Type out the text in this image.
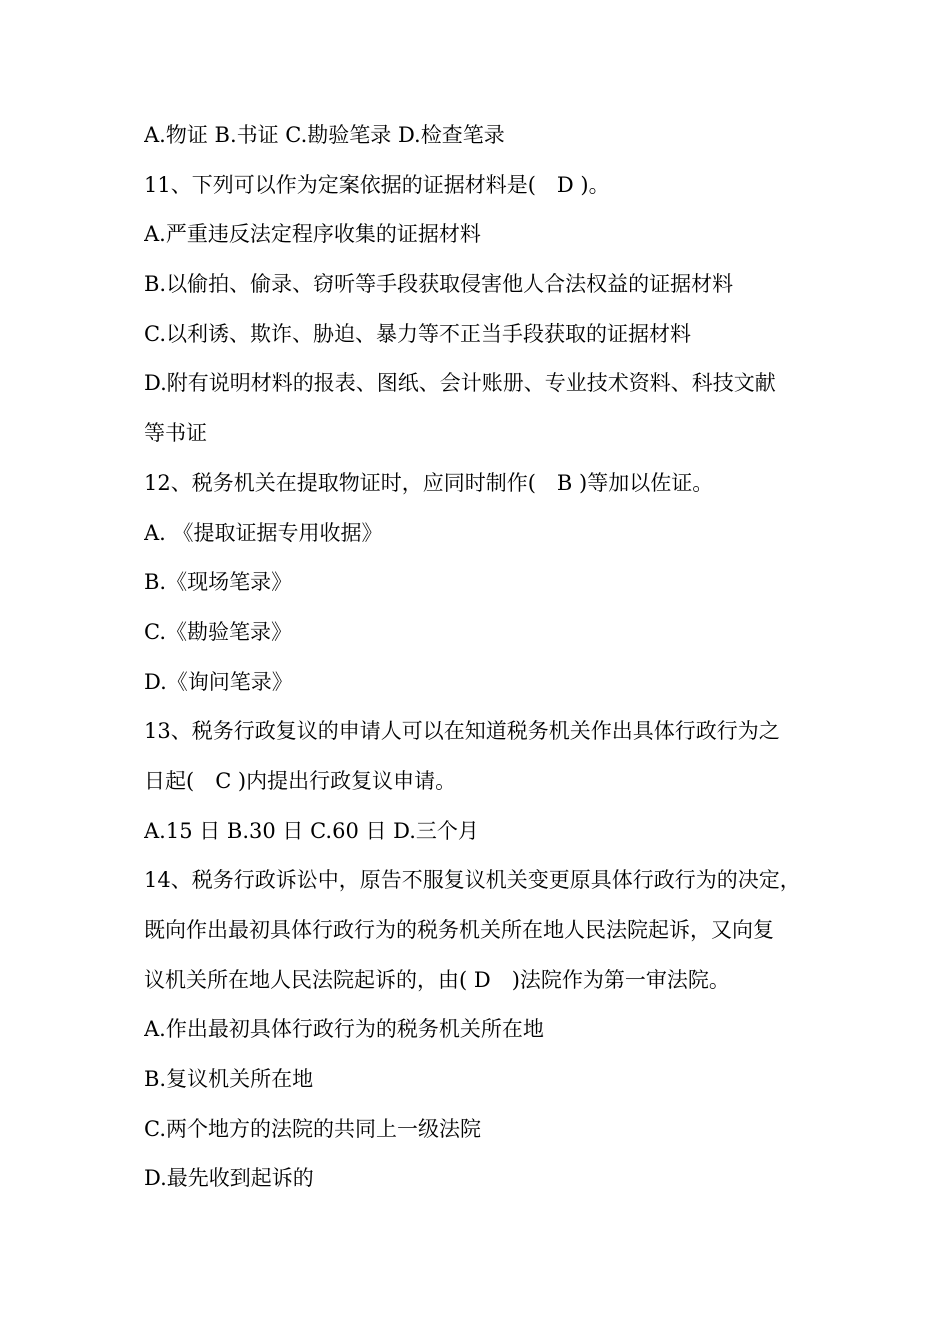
A.物证 B.书证 C.勘验笔录 D.检查笔录
11、下列可以作为定案依据的证据材料是(　D )。
A.严重违反法定程序收集的证据材料
B.以偷拍、偷录、窃听等手段获取侵害他人合法权益的证据材料
C.以利诱、欺诈、胁迫、暴力等不正当手段获取的证据材料
D.附有说明材料的报表、图纸、会计账册、专业技术资料、科技文献
等书证
12、税务机关在提取物证时，应同时制作(　B )等加以佐证。
A. 《提取证据专用收据》
B.《现场笔录》
C.《勘验笔录》
D.《询问笔录》
13、税务行政复议的申请人可以在知道税务机关作出具体行政行为之
日起(　C )内提出行政复议申请。
A.15 日 B.30 日 C.60 日 D.三个月
14、税务行政诉讼中，原告不服复议机关变更原具体行政行为的决定，
既向作出最初具体行政行为的税务机关所在地人民法院起诉，又向复
议机关所在地人民法院起诉的，由( D　)法院作为第一审法院。
A.作出最初具体行政行为的税务机关所在地
B.复议机关所在地
C.两个地方的法院的共同上一级法院
D.最先收到起诉的
